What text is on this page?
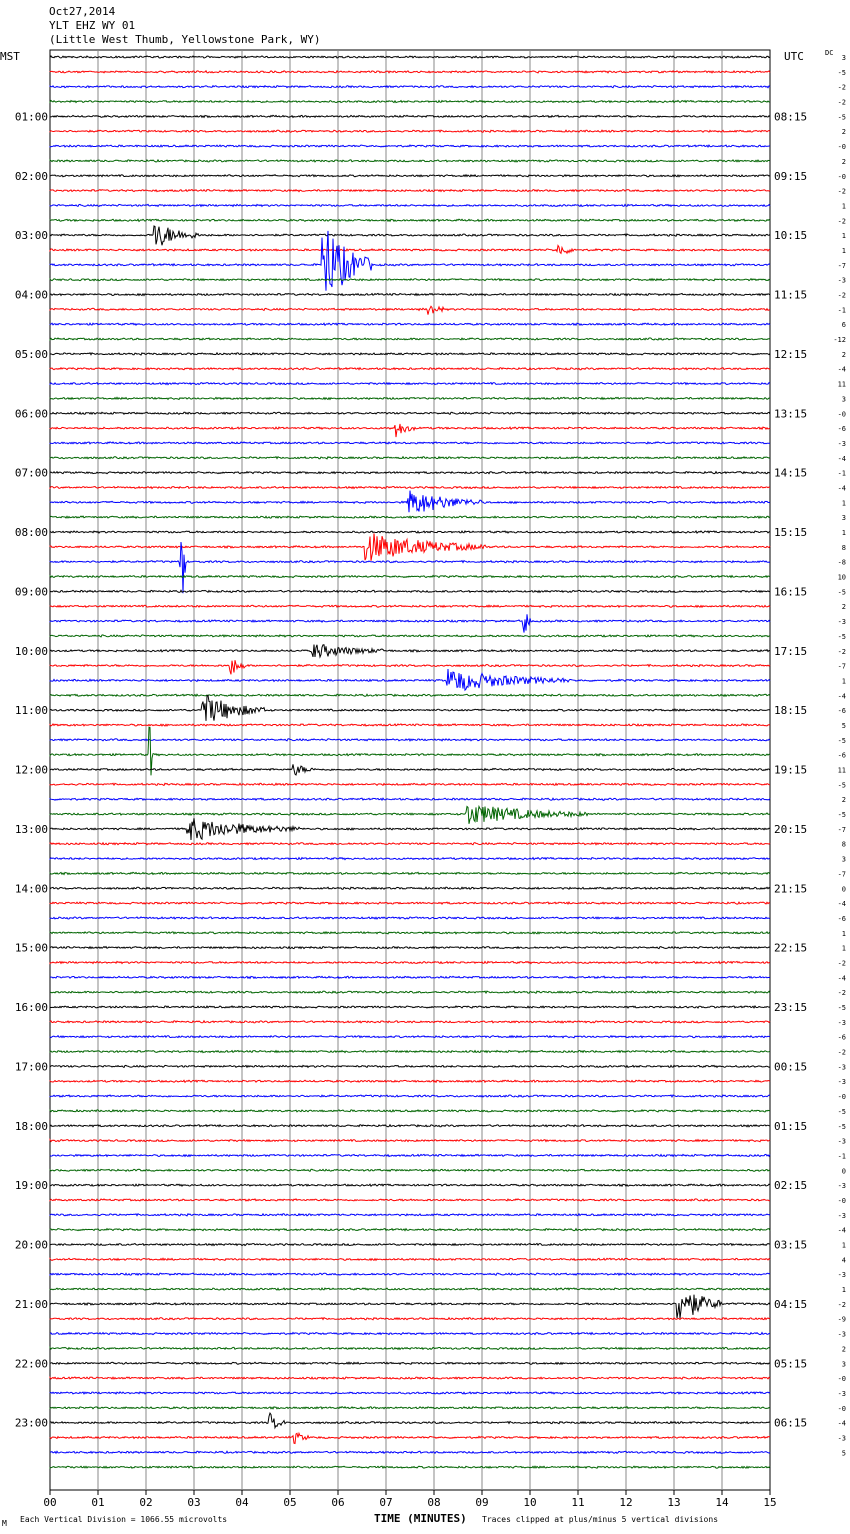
Oct27,2014
YLT EHZ WY 01
(Little West Thumb, Yellowstone Park, WY)
MST	UTC	DC
00	01	02	03	04	05	06	07	08	09	10	11	12	13	14	15
3
-5
-2
-2
-5
2
-0
2
-0
-2
1
-2
1
1
-7
-3
-2
-1
6
-12
2
-4
11
3
-0
-6
-3
-4
-1
-4
1
3
1
8
-8
10
-5
2
-3
-5
-2
-7
1
-4
-6
5
-5
-6
11
-5
2
-5
-7
8
3
-7
0
-4
-6
1
1
-2
-4
-2
-5
-3
-6
-2
-3
-3
-0
-5
-5
-3
-1
0
-3
-0
-3
-4
1
4
-3
1
-2
-9
-3
2
3
-0
-3
-0
-4
-3
5
01:00
02:00
03:00
04:00
05:00
06:00
07:00
08:00
09:00
10:00
11:00
12:00
13:00
14:00
15:00
16:00
17:00
18:00
19:00
20:00
21:00
22:00
23:00
08:15
09:15
10:15
11:15
12:15
13:15
14:15
15:15
16:15
17:15
18:15
19:15
20:15
21:15
22:15
23:15
00:15
01:15
02:15
03:15
04:15
05:15
06:15
M Each Vertical Division = 1066.55 microvolts	TIME (MINUTES) Traces clipped at plus/minus 5 vertical divisions
